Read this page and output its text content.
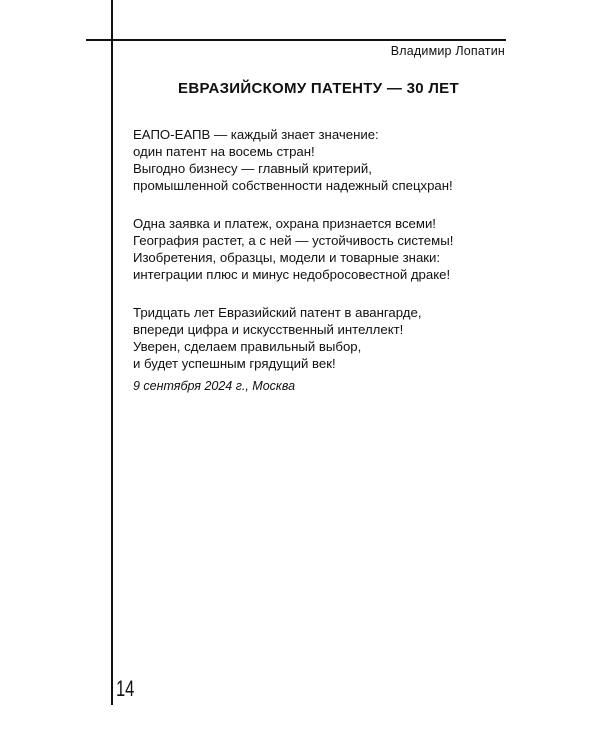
Владимир Лопатин
ЕВРАЗИЙСКОМУ ПАТЕНТУ — 30 ЛЕТ
ЕАПО-ЕАПВ — каждый знает значение:
один патент на восемь стран!
Выгодно бизнесу — главный критерий,
промышленной собственности надежный спецхран!
Одна заявка и платеж, охрана признается всеми!
География растет, а с ней — устойчивость системы!
Изобретения, образцы, модели и товарные знаки:
интеграции плюс и минус недобросовестной драке!
Тридцать лет Евразийский патент в авангарде,
впереди цифра и искусственный интеллект!
Уверен, сделаем правильный выбор,
и будет успешным грядущий век!
9 сентября 2024 г., Москва
14
